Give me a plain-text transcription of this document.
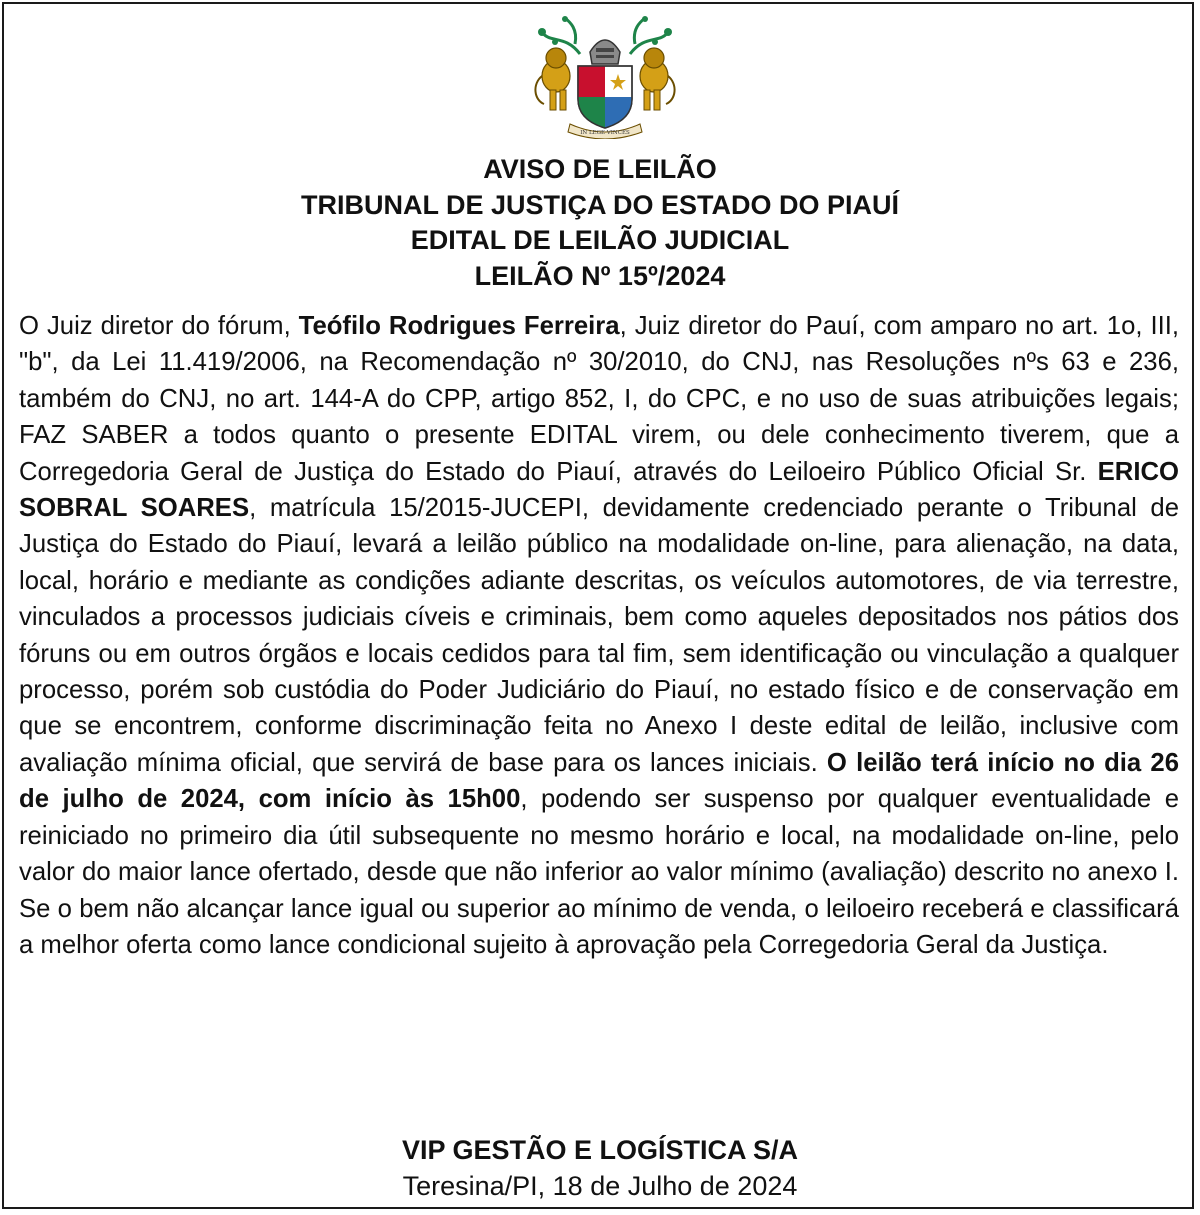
IN LEGE VINCES
AVISO DE LEILÃO
TRIBUNAL DE JUSTIÇA DO ESTADO DO PIAUÍ
EDITAL DE LEILÃO JUDICIAL
LEILÃO Nº 15º/2024
O Juiz diretor do fórum, Teófilo Rodrigues Ferreira, Juiz diretor do Pauí, com amparo no art. 1o, III, "b", da Lei 11.419/2006, na Recomendação nº 30/2010, do CNJ, nas Resoluções nºs 63 e 236, também do CNJ, no art. 144-A do CPP, artigo 852, I, do CPC, e no uso de suas atribuições legais; FAZ SABER a todos quanto o presente EDITAL virem, ou dele conhecimento tiverem, que a Corregedoria Geral de Justiça do Estado do Piauí, através do Leiloeiro Público Oficial Sr. ERICO SOBRAL SOARES, matrícula 15/2015-JUCEPI, devidamente credenciado perante o Tribunal de Justiça do Estado do Piauí, levará a leilão público na modalidade on-line, para alienação, na data, local, horário e mediante as condições adiante descritas, os veículos automotores, de via terrestre, vinculados a processos judiciais cíveis e criminais, bem como aqueles depositados nos pátios dos fóruns ou em outros órgãos e locais cedidos para tal fim, sem identificação ou vinculação a qualquer processo, porém sob custódia do Poder Judiciário do Piauí, no estado físico e de conservação em que se encontrem, conforme discriminação feita no Anexo I deste edital de leilão, inclusive com avaliação mínima oficial, que servirá de base para os lances iniciais. O leilão terá início no dia 26 de julho de 2024, com início às 15h00, podendo ser suspenso por qualquer eventualidade e reiniciado no primeiro dia útil subsequente no mesmo horário e local, na modalidade on-line, pelo valor do maior lance ofertado, desde que não inferior ao valor mínimo (avaliação) descrito no anexo I. Se o bem não alcançar lance igual ou superior ao mínimo de venda, o leiloeiro receberá e classificará a melhor oferta como lance condicional sujeito à aprovação pela Corregedoria Geral da Justiça.
VIP GESTÃO E LOGÍSTICA S/A
Teresina/PI, 18 de Julho de 2024
